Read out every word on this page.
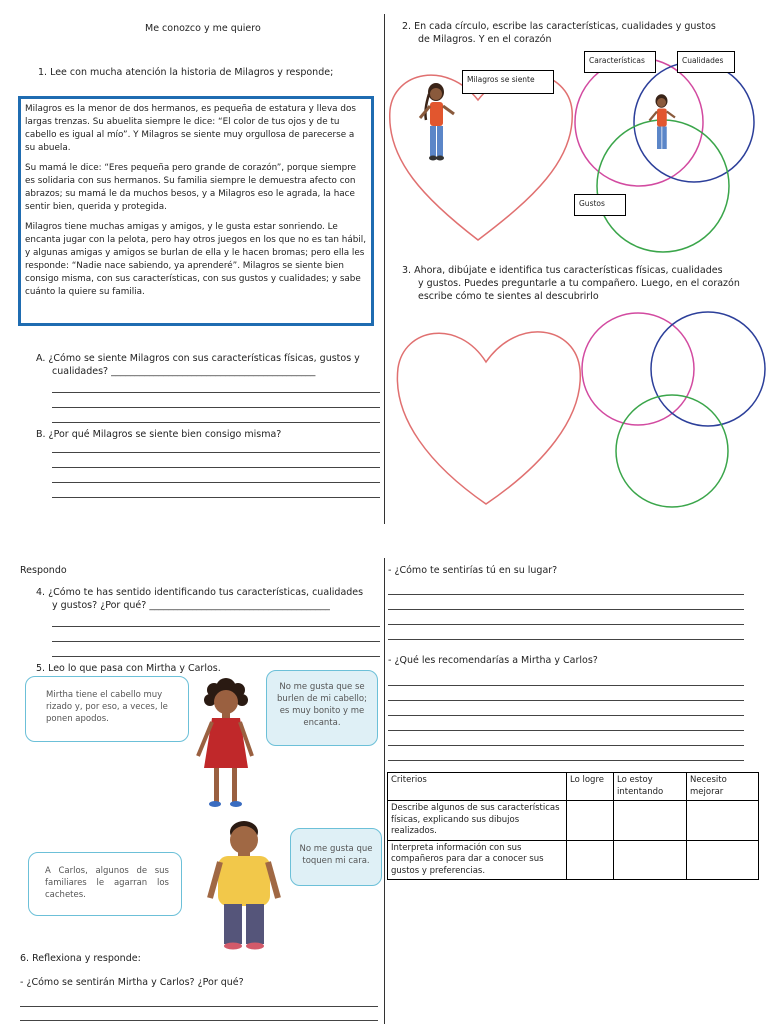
Me conozco y me quiero
1. Lee con mucha atención la historia de Milagros y responde;

Milagros es la menor de dos hermanos, es pequeña de estatura y lleva dos largas trenzas. Su abuelita siempre le dice: “El color de tus ojos y de tu cabello es igual al mío”. Y Milagros se siente muy orgullosa de parecerse a su abuela.

Su mamá le dice: “Eres pequeña pero grande de corazón”, porque siempre es solidaria con sus hermanos. Su familia siempre le demuestra afecto con abrazos; su mamá le da muchos besos, y a Milagros eso le agrada, la hace sentir bien, querida y protegida.

Milagros tiene muchas amigas y amigos, y le gusta estar sonriendo. Le encanta jugar con la pelota, pero hay otros juegos en los que no es tan hábil, y algunas amigas y amigos se burlan de ella y le hacen bromas; pero ella les responde: “Nadie nace sabiendo, ya aprenderé”. Milagros se siente bien consigo misma, con sus características, con sus gustos y cualidades; y sabe cuánto la quiere su familia.

A. ¿Cómo se siente Milagros con sus características físicas, gustos y
cualidades? ___________________________________________
B. ¿Por qué Milagros se siente bien consigo misma?
2. En cada círculo, escribe las características, cualidades y gustos
de Milagros. Y en el corazón
Milagros se siente
Características	Cualidades
Gustos
3. Ahora, dibújate e identifica tus características físicas, cualidades
y gustos. Puedes preguntarle a tu compañero. Luego, en el corazón
escribe cómo te sientes al descubrirlo
Respondo
4. ¿Cómo te has sentido identificando tus características, cualidades
y gustos? ¿Por qué? ______________________________________
5. Leo lo que pasa con Mirtha y Carlos.
Mirtha tiene el cabello muy rizado y, por eso, a veces, le ponen apodos.
No me gusta que se burlen de mi cabello; es muy bonito y me encanta.
A Carlos, algunos de sus familiares le agarran los cachetes.
No me gusta que toquen mi cara.
6. Reflexiona y responde:
- ¿Cómo se sentirán Mirtha y Carlos? ¿Por qué?
- ¿Cómo te sentirías tú en su lugar?
- ¿Qué les recomendarías a Mirtha y Carlos?
Criterios	Lo logre	Lo estoy intentando	Necesito mejorar
Describe algunos de sus características físicas, explicando sus dibujos realizados.			
Interpreta información con sus compañeros para dar a conocer sus gustos y preferencias.			
